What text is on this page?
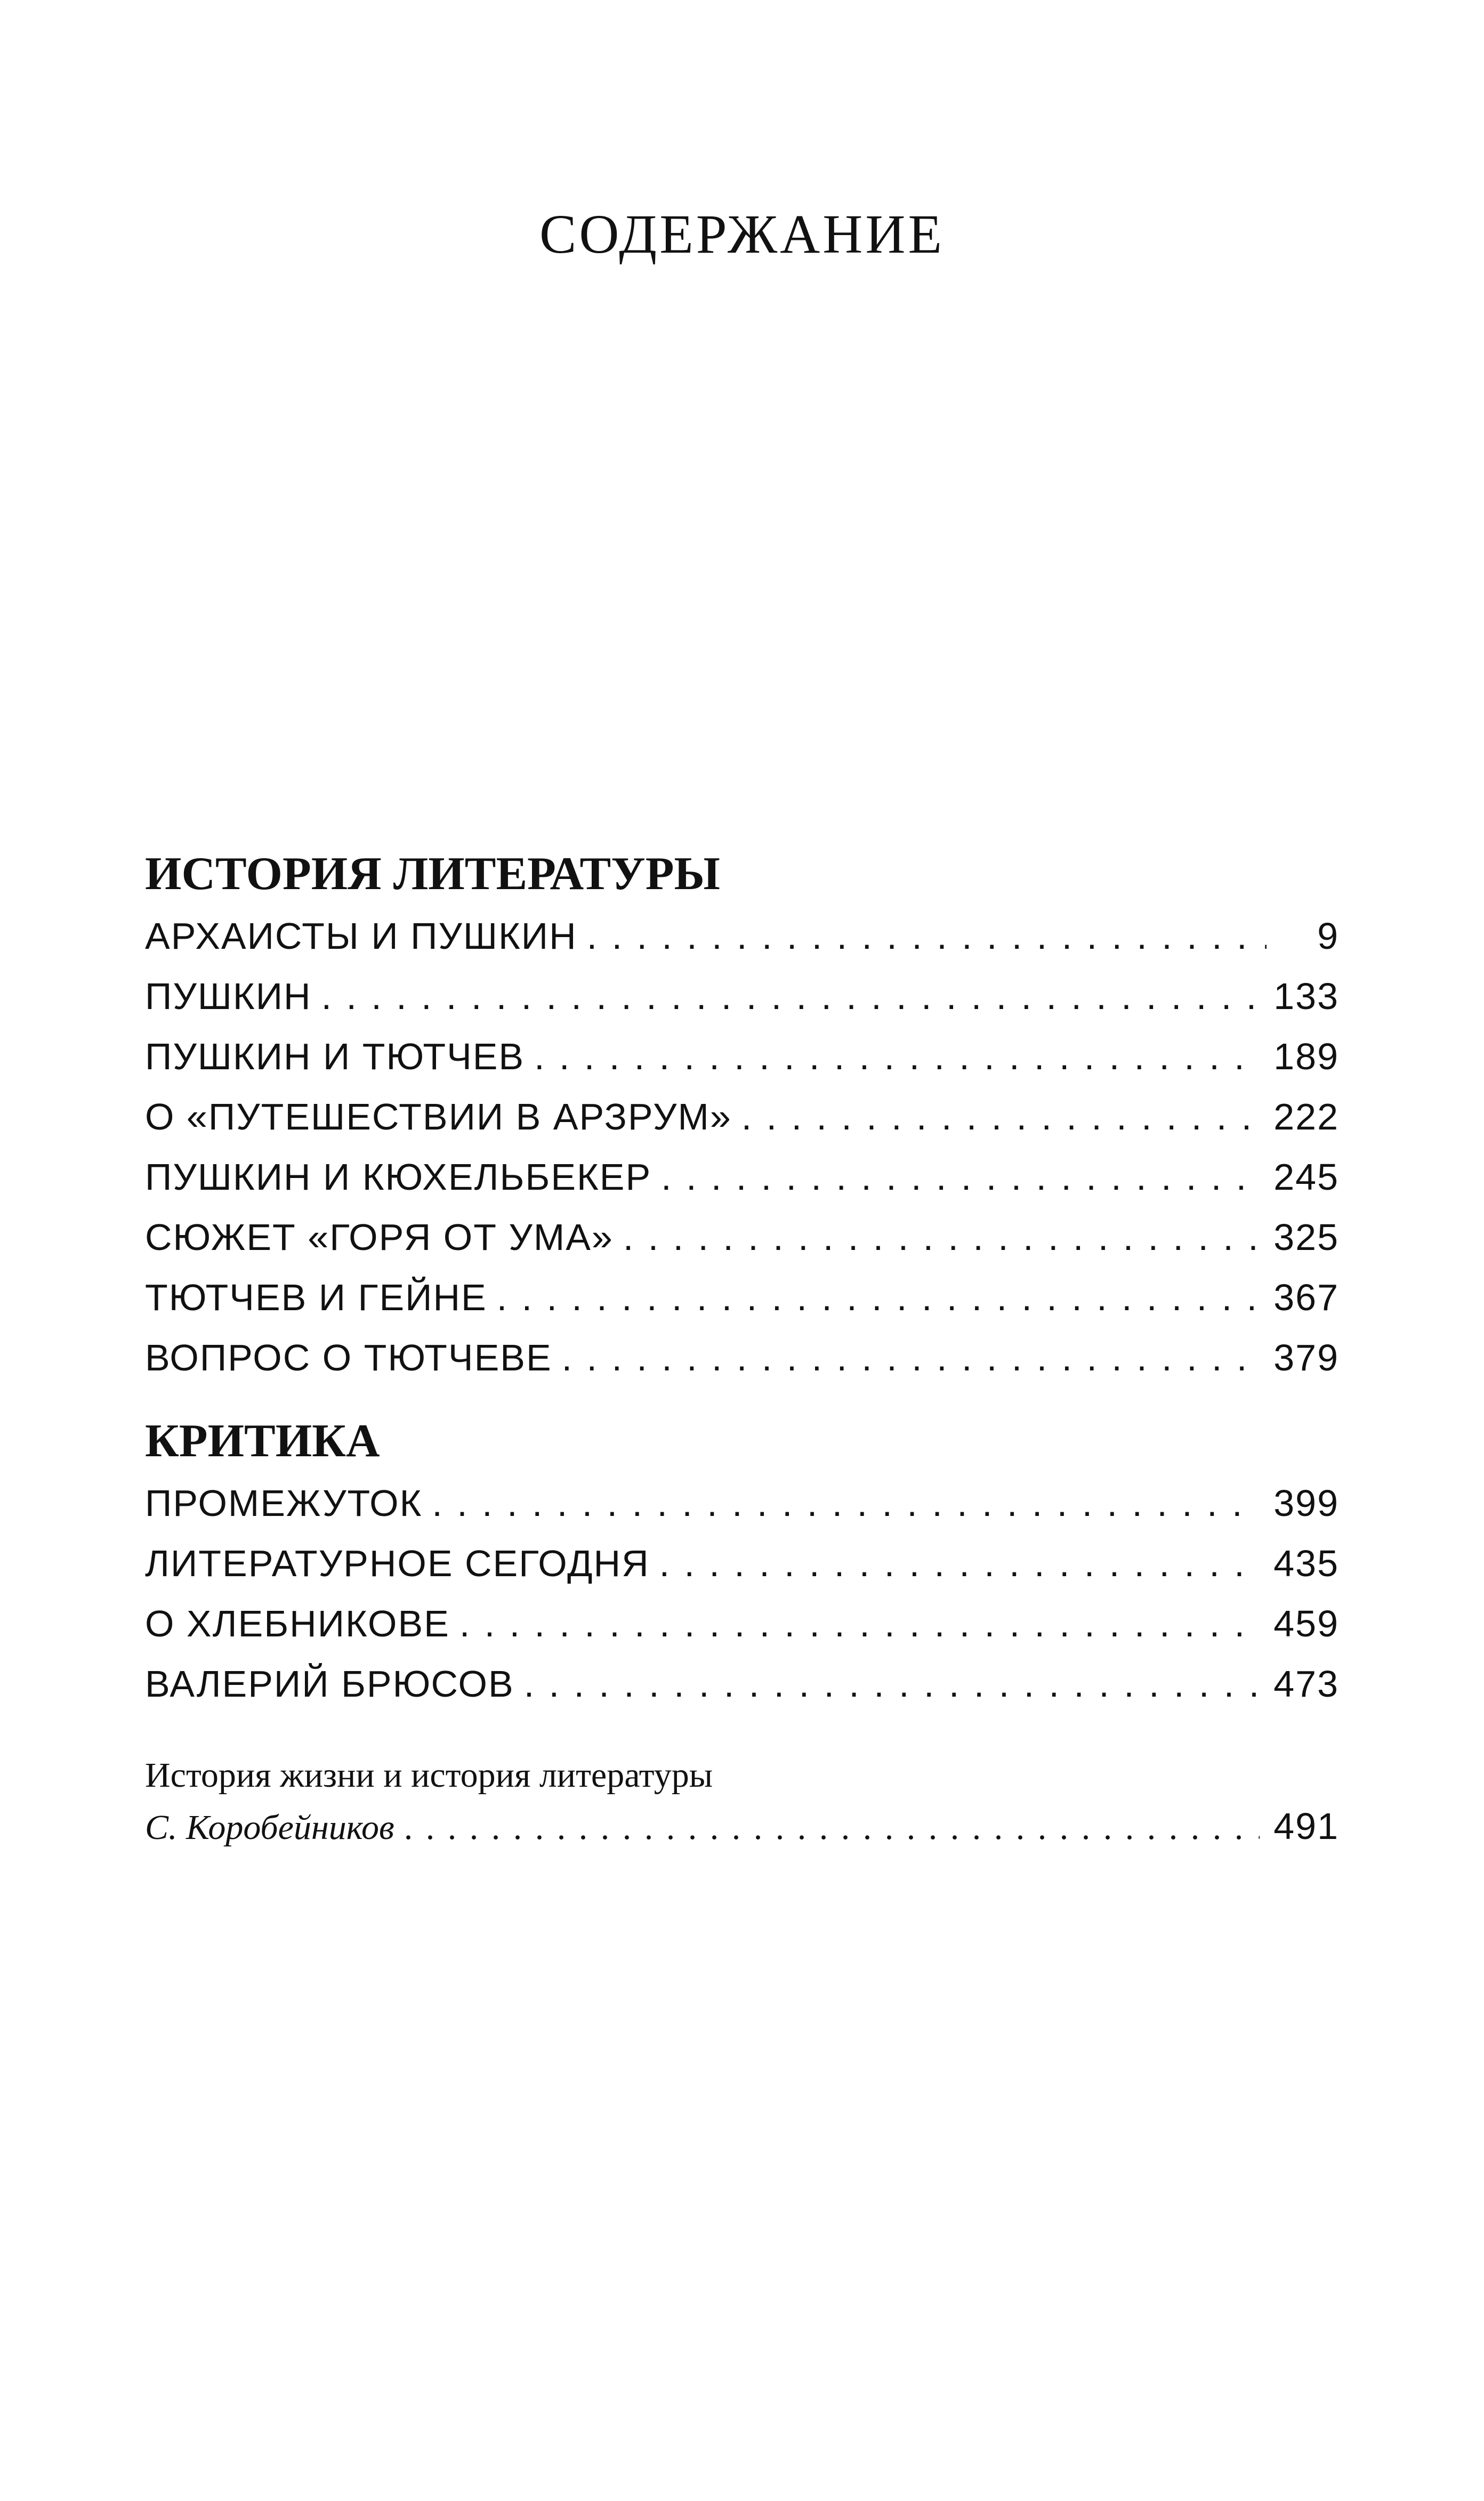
СОДЕРЖАНИЕ
ИСТОРИЯ ЛИТЕРАТУРЫ
АРХАИСТЫ И ПУШКИН . . .	9
ПУШКИН . . .	133
ПУШКИН И ТЮТЧЕВ . . .	189
О «ПУТЕШЕСТВИИ В АРЗРУМ» . . .	222
ПУШКИН И КЮХЕЛЬБЕКЕР . . .	245
СЮЖЕТ «ГОРЯ ОТ УМА» . . .	325
ТЮТЧЕВ И ГЕЙНЕ . . .	367
ВОПРОС О ТЮТЧЕВЕ . . .	379
КРИТИКА
ПРОМЕЖУТОК . . .	399
ЛИТЕРАТУРНОЕ СЕГОДНЯ . . .	435
О ХЛЕБНИКОВЕ . . .	459
ВАЛЕРИЙ БРЮСОВ . . .	473
История жизни и история литературы
С. Коробейников . . .	491
